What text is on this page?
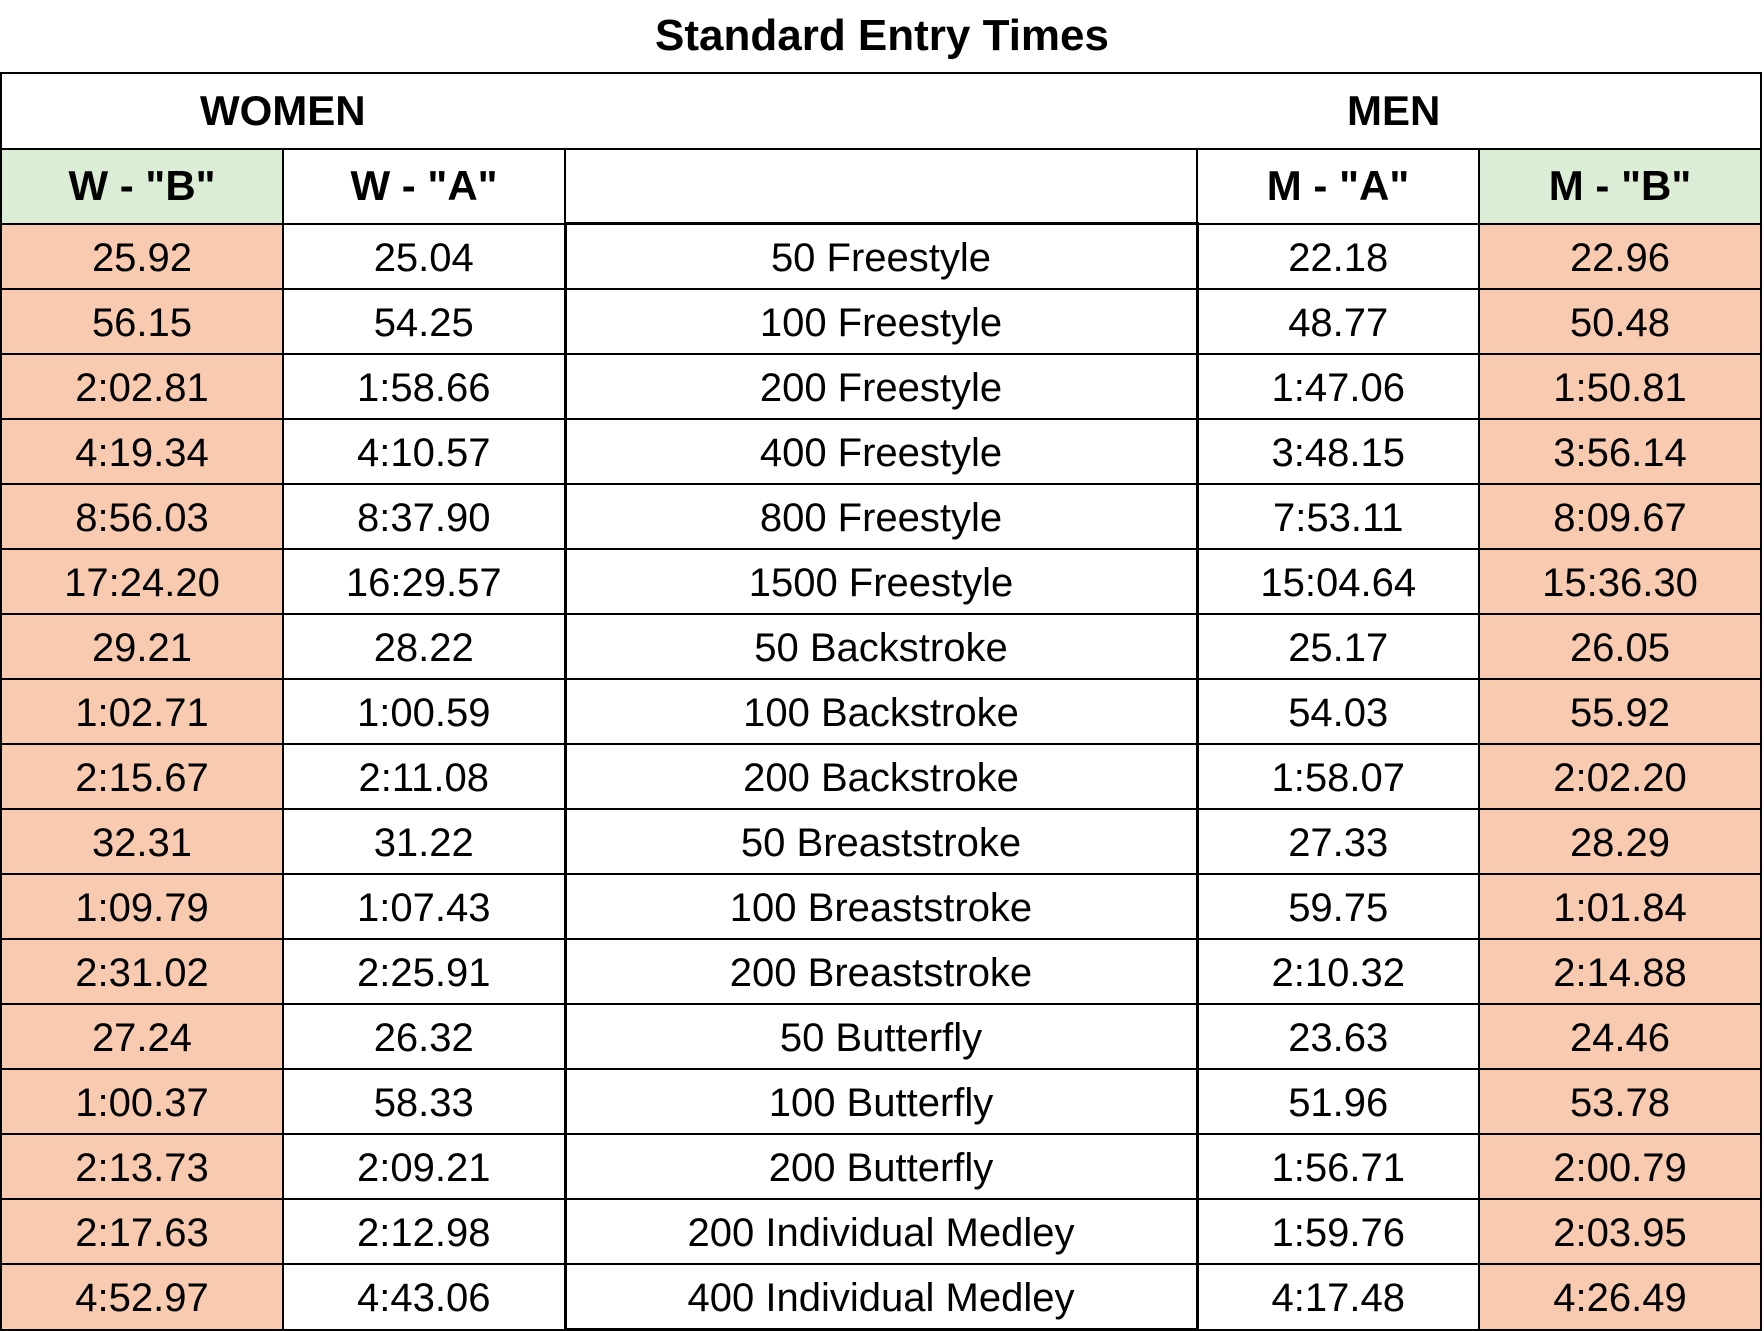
Standard Entry Times
WOMEN			MEN	
W - "B"	W - "A"		M - "A"	M - "B"
25.92	25.04	50 Freestyle	22.18	22.96
56.15	54.25	100 Freestyle	48.77	50.48
2:02.81	1:58.66	200 Freestyle	1:47.06	1:50.81
4:19.34	4:10.57	400 Freestyle	3:48.15	3:56.14
8:56.03	8:37.90	800 Freestyle	7:53.11	8:09.67
17:24.20	16:29.57	1500 Freestyle	15:04.64	15:36.30
29.21	28.22	50 Backstroke	25.17	26.05
1:02.71	1:00.59	100 Backstroke	54.03	55.92
2:15.67	2:11.08	200 Backstroke	1:58.07	2:02.20
32.31	31.22	50 Breaststroke	27.33	28.29
1:09.79	1:07.43	100 Breaststroke	59.75	1:01.84
2:31.02	2:25.91	200 Breaststroke	2:10.32	2:14.88
27.24	26.32	50 Butterfly	23.63	24.46
1:00.37	58.33	100 Butterfly	51.96	53.78
2:13.73	2:09.21	200 Butterfly	1:56.71	2:00.79
2:17.63	2:12.98	200 Individual Medley	1:59.76	2:03.95
4:52.97	4:43.06	400 Individual Medley	4:17.48	4:26.49
